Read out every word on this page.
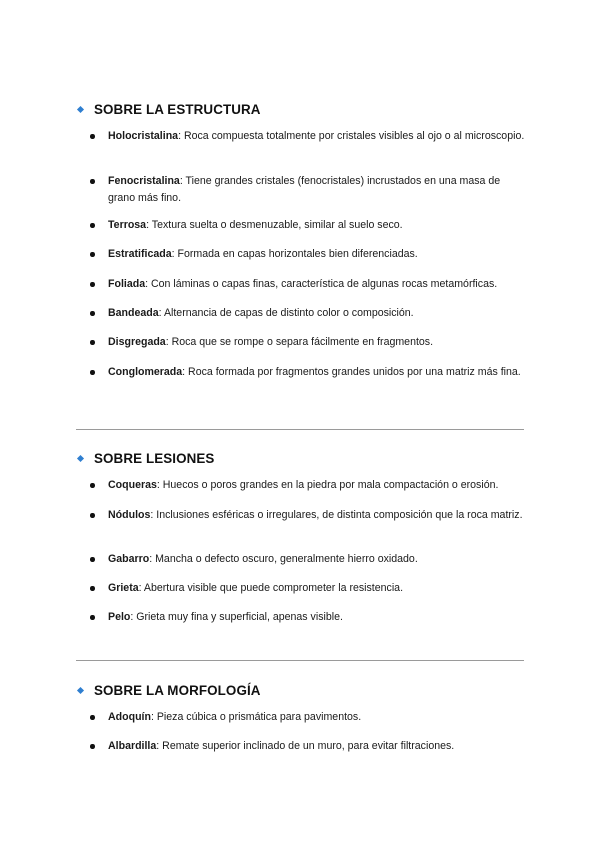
SOBRE LA ESTRUCTURA
Holocristalina: Roca compuesta totalmente por cristales visibles al ojo o al microscopio.
Fenocristalina: Tiene grandes cristales (fenocristales) incrustados en una masa de grano más fino.
Terrosa: Textura suelta o desmenuzable, similar al suelo seco.
Estratificada: Formada en capas horizontales bien diferenciadas.
Foliada: Con láminas o capas finas, característica de algunas rocas metamórficas.
Bandeada: Alternancia de capas de distinto color o composición.
Disgregada: Roca que se rompe o separa fácilmente en fragmentos.
Conglomerada: Roca formada por fragmentos grandes unidos por una matriz más fina.
SOBRE LESIONES
Coqueras: Huecos o poros grandes en la piedra por mala compactación o erosión.
Nódulos: Inclusiones esféricas o irregulares, de distinta composición que la roca matriz.
Gabarro: Mancha o defecto oscuro, generalmente hierro oxidado.
Grieta: Abertura visible que puede comprometer la resistencia.
Pelo: Grieta muy fina y superficial, apenas visible.
SOBRE LA MORFOLOGÍA
Adoquín: Pieza cúbica o prismática para pavimentos.
Albardilla: Remate superior inclinado de un muro, para evitar filtraciones.
